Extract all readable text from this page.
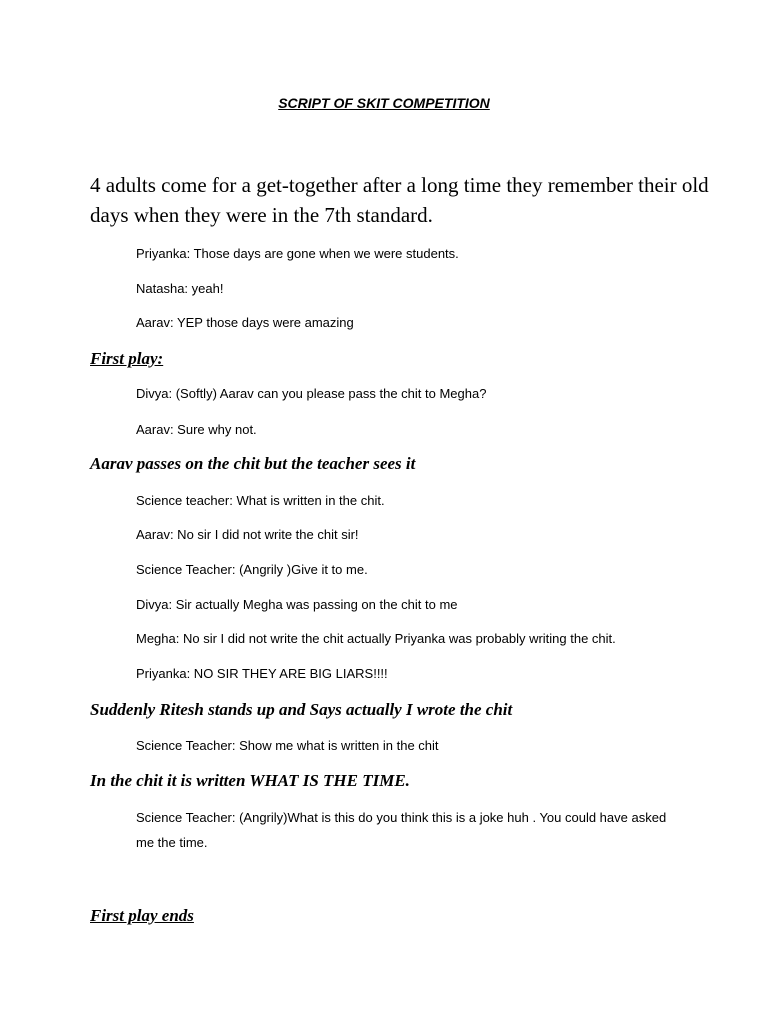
SCRIPT OF SKIT COMPETITION

4 adults come for a get-together after a long time they remember their old days when they were in the 7th standard.

Priyanka: Those days are gone when we were students.

Natasha: yeah!

Aarav: YEP those days were amazing

First play:

Divya: (Softly) Aarav can you please pass the chit to Megha?

Aarav: Sure why not.

Aarav passes on the chit but the teacher sees it

Science teacher: What is written in the chit.

Aarav: No sir I did not write the chit sir!

Science Teacher: (Angrily )Give it to me.

Divya: Sir actually Megha was passing on the chit to me

Megha: No sir I did not write the chit actually Priyanka was probably writing the chit.

Priyanka: NO SIR THEY ARE BIG LIARS!!!!

Suddenly Ritesh stands up and Says actually I wrote the chit

Science Teacher: Show me what is written in the chit

In the chit it is written WHAT IS THE TIME.

Science Teacher: (Angrily)What is this do you think this is a joke huh . You could have asked me the time.

First play ends
